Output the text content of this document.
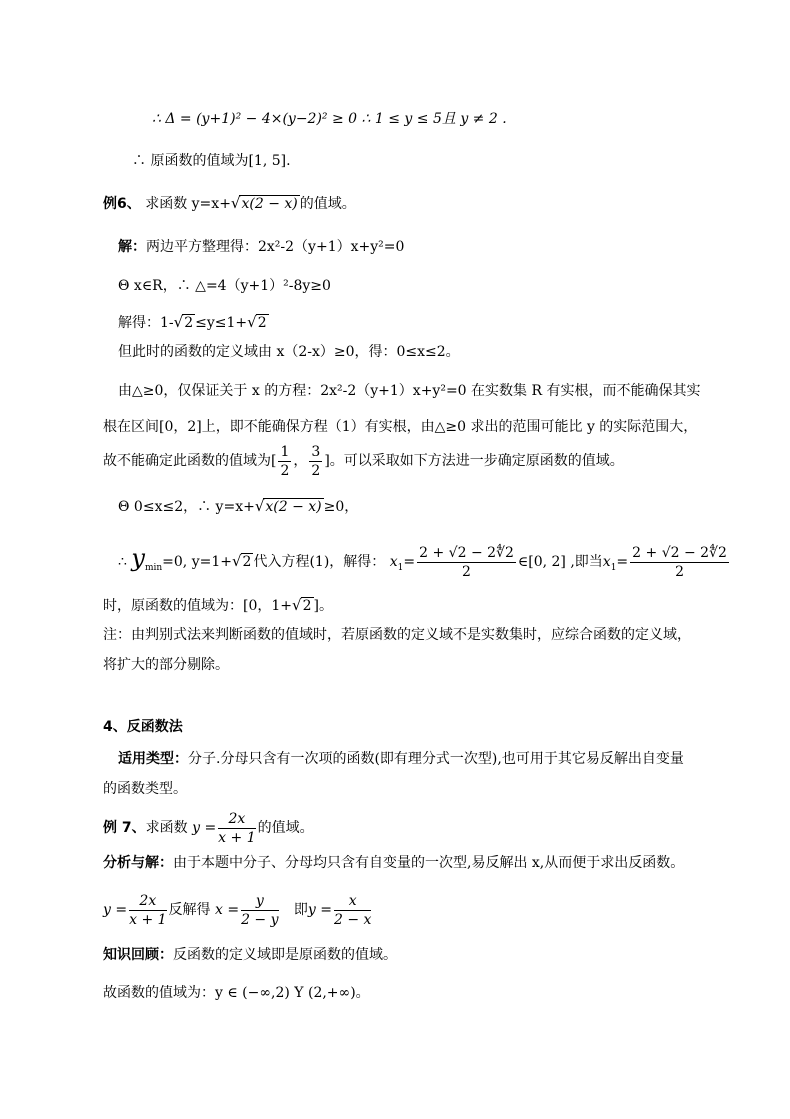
∴ Δ = (y+1)² − 4×(y−2)² ≥ 0 ∴ 1 ≤ y ≤ 5且 y ≠ 2 .
∴ 原函数的值域为[1, 5].
例6、 求函数 y=x+√x(2 − x) 的值域。
解：两边平方整理得：2x²-2（y+1）x+y²=0
Θ x∈R，∴ △=4（y+1）²-8y≥0
解得：1-√2 ≤y≤1+√2
但此时的函数的定义域由 x（2-x）≥0，得：0≤x≤2。
由△≥0，仅保证关于 x 的方程：2x²-2（y+1）x+y²=0 在实数集 R 有实根，而不能确保其实
根在区间[0，2]上，即不能确保方程（1）有实根，由△≥0 求出的范围可能比 y 的实际范围大，
故不能确定此函数的值域为[ $\frac{1}{2}$ ， $\frac{3}{2}$ ]。可以采取如下方法进一步确定原函数的值域。
Θ 0≤x≤2，∴ y=x+√x(2 − x) ≥0，
∴ $y_{min}=0$, y=1+√2 代入方程(1)，解得： $x_1= \frac{2 + √2 - 2∜2}{2}$ ∈[0, 2] ,即当$x_1= \frac{2 + √2 - 2∜2}{2}$
时，原函数的值域为：[0，1+√2 ]。
注：由判别式法来判断函数的值域时，若原函数的定义域不是实数集时，应综合函数的定义域，
将扩大的部分剔除。
4、反函数法
适用类型：分子.分母只含有一次项的函数(即有理分式一次型),也可用于其它易反解出自变量
的函数类型。
例 7、求函数 $y = \frac{2x}{x + 1}$ 的值域。
分析与解：由于本题中分子、分母均只含有自变量的一次型,易反解出 x,从而便于求出反函数。
$y = \frac{2x}{x + 1}$ 反解得 $x = \frac{y}{2 - y}$ 即$y = \frac{x}{2 - x}$
知识回顾：反函数的定义域即是原函数的值域。
故函数的值域为：y ∈ (−∞,2) Υ (2,+∞)。
